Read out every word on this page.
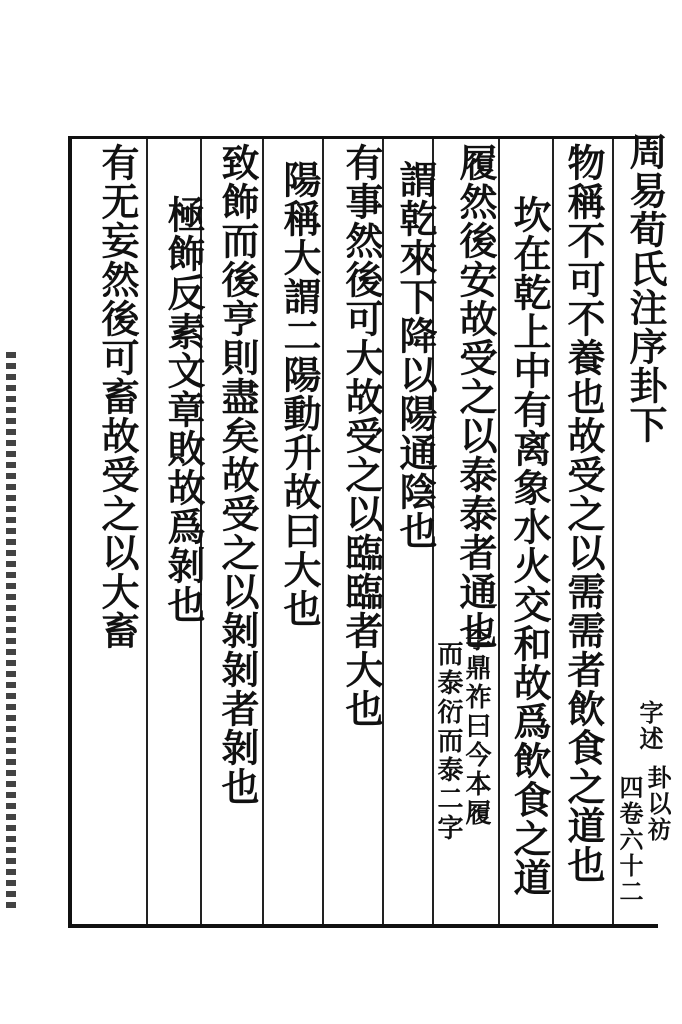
周易荀氏注序卦下
字述
卦以祊
四卷六十二
物稱不可不養也故受之以需需者飲食之道也
坎在乾上中有离象水火交和故爲飲食之道
履然後安故受之以泰泰者通也
李鼎祚曰今本履
而泰衍而泰二字
謂乾來下降以陽通陰也
有事然後可大故受之以臨臨者大也
陽稱大謂二陽動升故曰大也
致飾而後亨則盡矣故受之以剝剝者剝也
極飾反素文章敗故爲剝也
有无妄然後可畜故受之以大畜
